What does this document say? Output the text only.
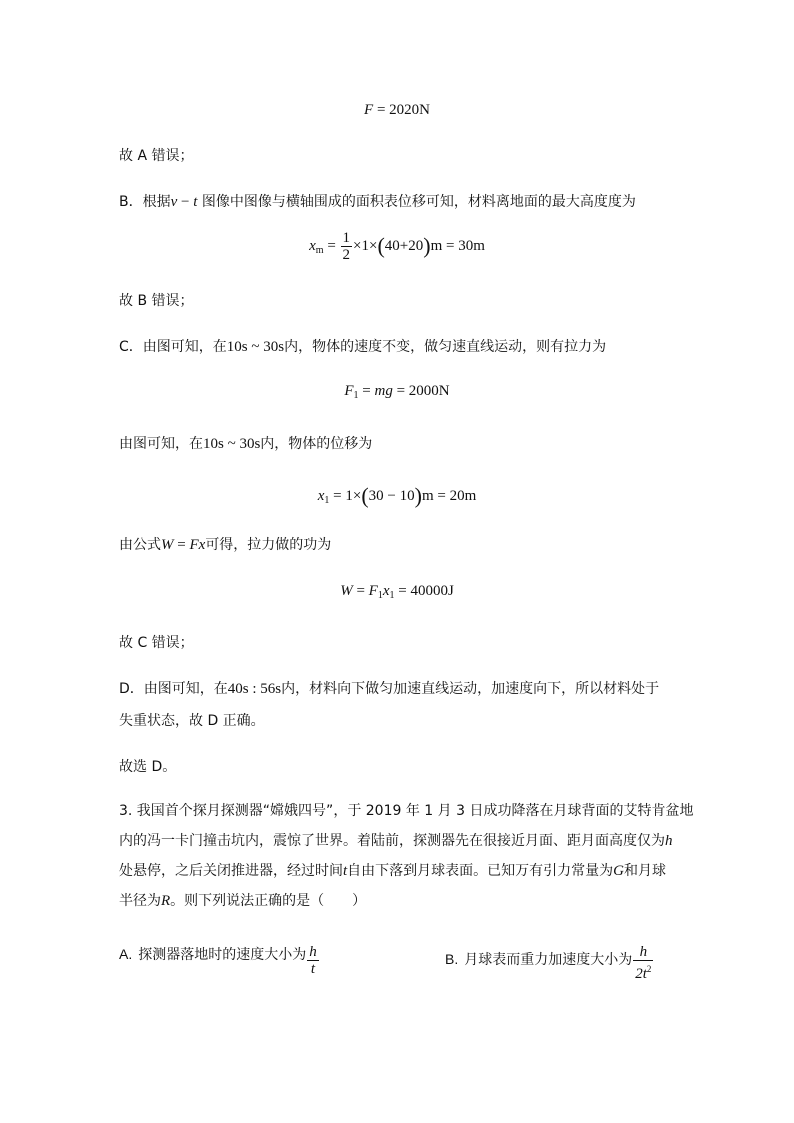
F = 2020N
故 A 错误；
B．根据v − t 图像中图像与横轴围成的面积表位移可知，材料离地面的最大高度度为
$x_m = \frac{1}{2} \times 1\times(40+20)m = 30m$
故 B 错误；
C．由图可知，在10s ~ 30s内，物体的速度不变，做匀速直线运动，则有拉力为
$F_1$ = mg = 2000N
由图可知，在10s ~ 30s内，物体的位移为
$x_1 = 1\times(30 - 10)m = 20m$
由公式W = Fx可得，拉力做的功为
$W = F_1x_1 = 40000J$
故 C 错误；
D．由图可知，在40s : 56s内，材料向下做匀加速直线运动，加速度向下，所以材料处于
失重状态，故 D 正确。
故选 D。
3. 我国首个探月探测器“嫦娥四号”，于 2019 年 1 月 3 日成功降落在月球背面的艾特肯盆地
内的冯一卡门撞击坑内，震惊了世界。着陆前，探测器先在很接近月面、距月面高度仅为h
处悬停，之后关闭推进器，经过时间t自由下落到月球表面。已知万有引力常量为G和月球
半径为R。则下列说法正确的是（　　）
A. 探测器落地时的速度大小为 $\frac{h}{t}$	B. 月球表而重力加速度大小为 $\frac{h}{2t^2}$
